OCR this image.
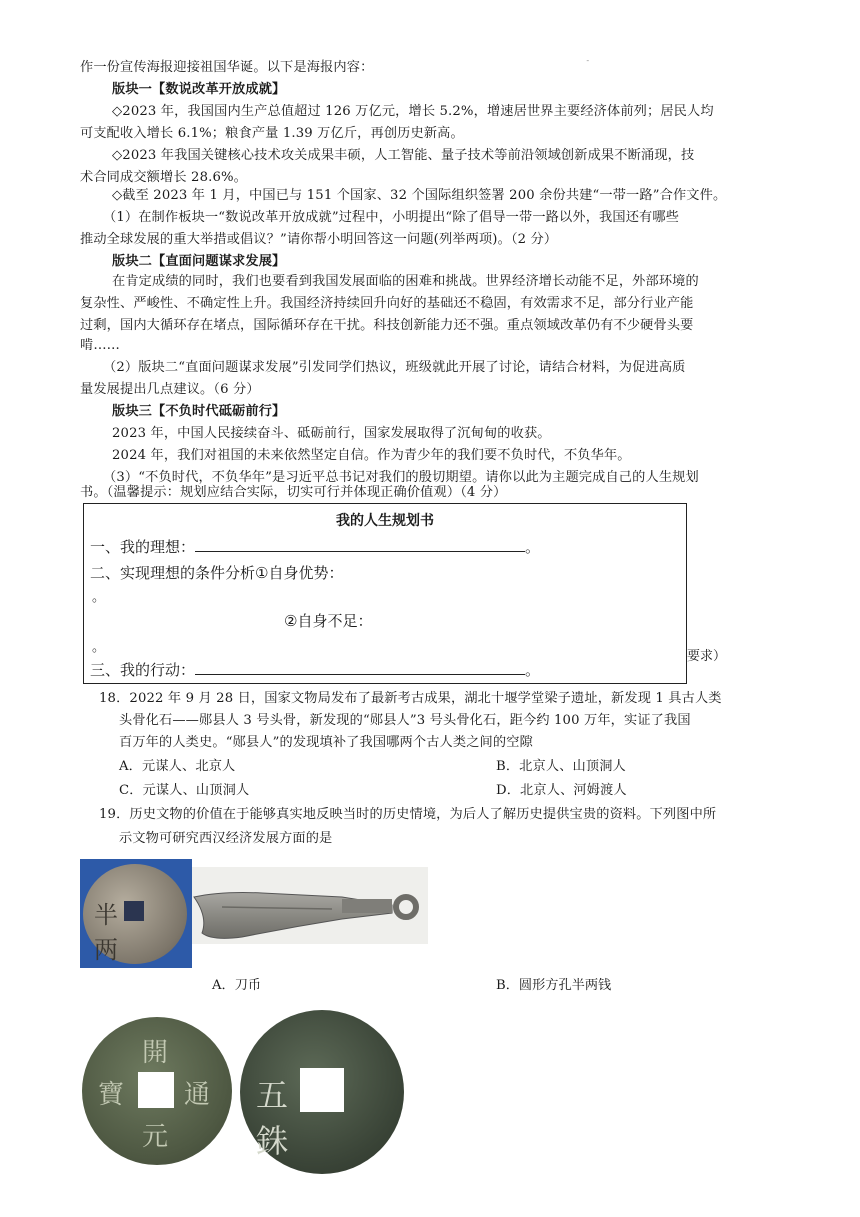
ˉ
作一份宣传海报迎接祖国华诞。以下是海报内容：
版块一【数说改革开放成就】
◇2023 年，我国国内生产总值超过 126 万亿元，增长 5.2%，增速居世界主要经济体前列；居民人均
可支配收入增长 6.1%；粮食产量 1.39 万亿斤，再创历史新高。
◇2023 年我国关键核心技术攻关成果丰硕，人工智能、量子技术等前沿领域创新成果不断涌现，技
术合同成交额增长 28.6%。
◇截至 2023 年 1 月，中国已与 151 个国家、32 个国际组织签署 200 余份共建“一带一路”合作文件。
（1）在制作板块一“数说改革开放成就”过程中，小明提出“除了倡导一带一路以外，我国还有哪些
推动全球发展的重大举措或倡议？”请你帮小明回答这一问题(列举两项)。（2 分）
版块二【直面问题谋求发展】
在肯定成绩的同时，我们也要看到我国发展面临的困难和挑战。世界经济增长动能不足，外部环境的
复杂性、严峻性、不确定性上升。我国经济持续回升向好的基础还不稳固，有效需求不足，部分行业产能
过剩，国内大循环存在堵点，国际循环存在干扰。科技创新能力还不强。重点领域改革仍有不少硬骨头要
啃……
（2）版块二“直面问题谋求发展”引发同学们热议，班级就此开展了讨论，请结合材料，为促进高质
量发展提出几点建议。（6 分）
版块三【不负时代砥砺前行】
2023 年，中国人民接续奋斗、砥砺前行，国家发展取得了沉甸甸的收获。
2024 年，我们对祖国的未来依然坚定自信。作为青少年的我们要不负时代，不负华年。
（3）“不负时代，不负华年”是习近平总书记对我们的殷切期望。请你以此为主题完成自己的人生规划
书。（温馨提示：规划应结合实际，切实可行并体现正确价值观）（4 分）
我的人生规划书
一、我的理想：	。
二、实现理想的条件分析①自身优势：
。
②自身不足：
。
三、我的行动：	。
要求）
18．2022 年 9 月 28 日，国家文物局发布了最新考古成果，湖北十堰学堂梁子遗址，新发现 1 具古人类
头骨化石——郧县人 3 号头骨，新发现的“郧县人”3 号头骨化石，距今约 100 万年，实证了我国
百万年的人类史。“郧县人”的发现填补了我国哪两个古人类之间的空隙
A．元谋人、北京人	B．北京人、山顶洞人
C．元谋人、山顶洞人	D．北京人、河姆渡人
19．历史文物的价值在于能够真实地反映当时的历史情境，为后人了解历史提供宝贵的资料。下列图中所
示文物可研究西汉经济发展方面的是
半两
A．刀币	B．圆形方孔半两钱
開
通
元
寶	五銖
